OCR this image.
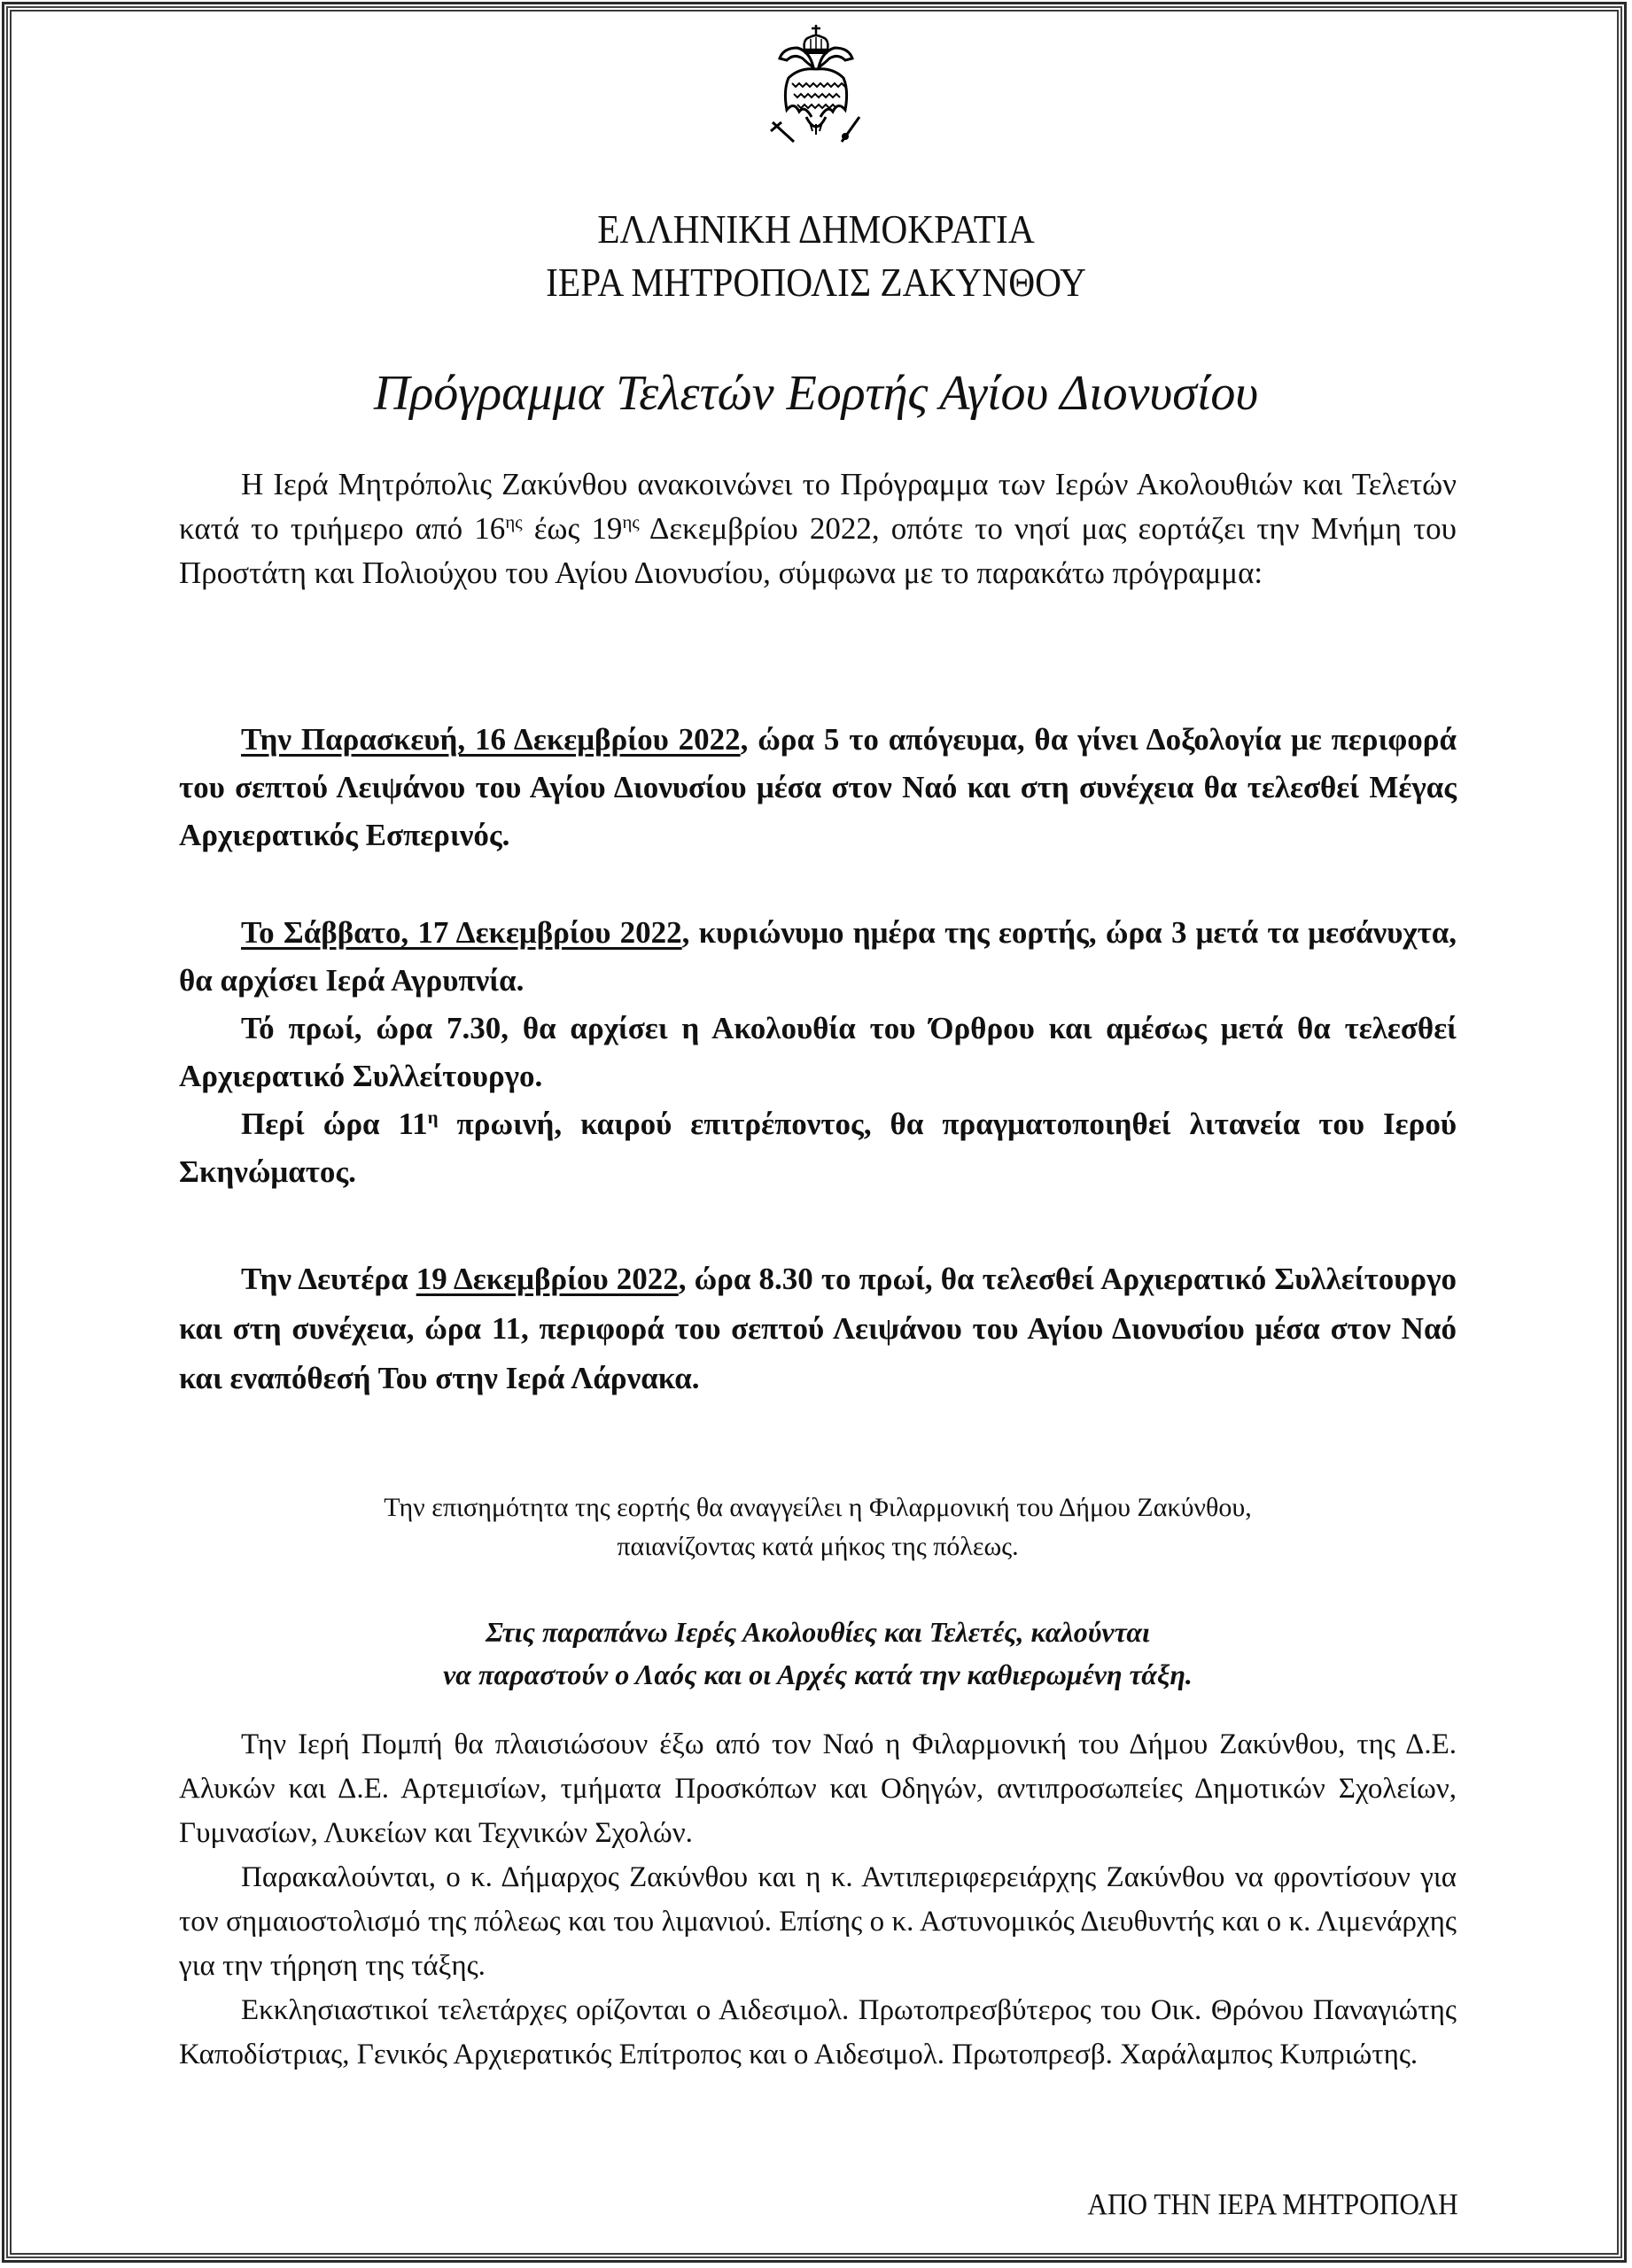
ΕΛΛΗΝΙΚΗ ΔΗΜΟΚΡΑΤΙΑ
ΙΕΡΑ ΜΗΤΡΟΠΟΛΙΣ ΖΑΚΥΝΘΟΥ
Πρόγραμμα Τελετών Εορτής Αγίου Διονυσίου
Η Ιερά Μητρόπολις Ζακύνθου ανακοινώνει το Πρόγραμμα των Ιερών Ακολουθιών και Τελετών κατά το τριήμερο από $16^{\eta\varsigma}$ έως $19^{\eta\varsigma}$ Δεκεμβρίου 2022, οπότε το νησί μας εορτάζει την Μνήμη του Προστάτη και Πολιούχου του Αγίου Διονυσίου, σύμφωνα με το παρακάτω πρόγραμμα:
Την Παρασκευή, 16 Δεκεμβρίου 2022, ώρα 5 το απόγευμα, θα γίνει Δοξολογία με περιφορά του σεπτού Λειψάνου του Αγίου Διονυσίου μέσα στον Ναό και στη συνέχεια θα τελεσθεί Μέγας Αρχιερατικός Εσπερινός.
Το Σάββατο, 17 Δεκεμβρίου 2022, κυριώνυμο ημέρα της εορτής, ώρα 3 μετά τα μεσάνυχτα, θα αρχίσει Ιερά Αγρυπνία.
Τό πρωί, ώρα 7.30, θα αρχίσει η Ακολουθία του Όρθρου και αμέσως μετά θα τελεσθεί Αρχιερατικό Συλλείτουργο.
Περί ώρα $11^\eta$ πρωινή, καιρού επιτρέποντος, θα πραγματοποιηθεί λιτανεία του Ιερού Σκηνώματος.
Την Δευτέρα 19 Δεκεμβρίου 2022, ώρα 8.30 το πρωί, θα τελεσθεί Αρχιερατικό Συλλείτουργο και στη συνέχεια, ώρα 11, περιφορά του σεπτού Λειψάνου του Αγίου Διονυσίου μέσα στον Ναό και εναπόθεσή Του στην Ιερά Λάρνακα.
Την επισημότητα της εορτής θα αναγγείλει η Φιλαρμονική του Δήμου Ζακύνθου,
παιανίζοντας κατά μήκος της πόλεως.
Στις παραπάνω Ιερές Ακολουθίες και Τελετές, καλούνται
να παραστούν ο Λαός και οι Αρχές κατά την καθιερωμένη τάξη.
Την Ιερή Πομπή θα πλαισιώσουν έξω από τον Ναό η Φιλαρμονική του Δήμου Ζακύνθου, της Δ.Ε. Αλυκών και Δ.Ε. Αρτεμισίων, τμήματα Προσκόπων και Οδηγών, αντιπροσωπείες Δημοτικών Σχολείων, Γυμνασίων, Λυκείων και Τεχνικών Σχολών.
Παρακαλούνται, ο κ. Δήμαρχος Ζακύνθου και η κ. Αντιπεριφερειάρχης Ζακύνθου να φροντίσουν για τον σημαιοστολισμό της πόλεως και του λιμανιού. Επίσης ο κ. Αστυνομικός Διευθυντής και ο κ. Λιμενάρχης για την τήρηση της τάξης.
Εκκλησιαστικοί τελετάρχες ορίζονται ο Αιδεσιμολ. Πρωτοπρεσβύτερος του Οικ. Θρόνου Παναγιώτης Καποδίστριας, Γενικός Αρχιερατικός Επίτροπος και ο Αιδεσιμολ. Πρωτοπρεσβ. Χαράλαμπος Κυπριώτης.
ΑΠΟ ΤΗΝ ΙΕΡΑ ΜΗΤΡΟΠΟΛΗ
